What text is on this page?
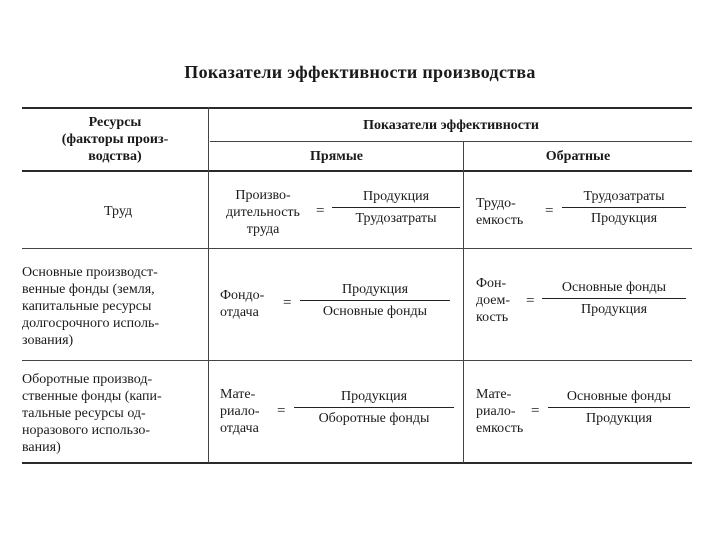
Показатели эффективности производства
Ресурсы
(факторы произ-
водства)
Показатели эффективности
Прямые	Обратные
Труд
Произво-
дительность
труда
=
Продукция
Трудозатраты
Трудо-
емкость
=
Трудозатраты
Продукция
Основные производст-
венные фонды (земля,
капитальные ресурсы
долгосрочного исполь-
зования)
Фондо-
отдача
=
Продукция
Основные фонды
Фон-
доем-
кость
=
Основные фонды
Продукция
Оборотные производ-
ственные фонды (капи-
тальные ресурсы од-
норазового использо-
вания)
Мате-
риало-
отдача
=
Продукция
Оборотные фонды
Мате-
риало-
емкость
=
Основные фонды
Продукция
